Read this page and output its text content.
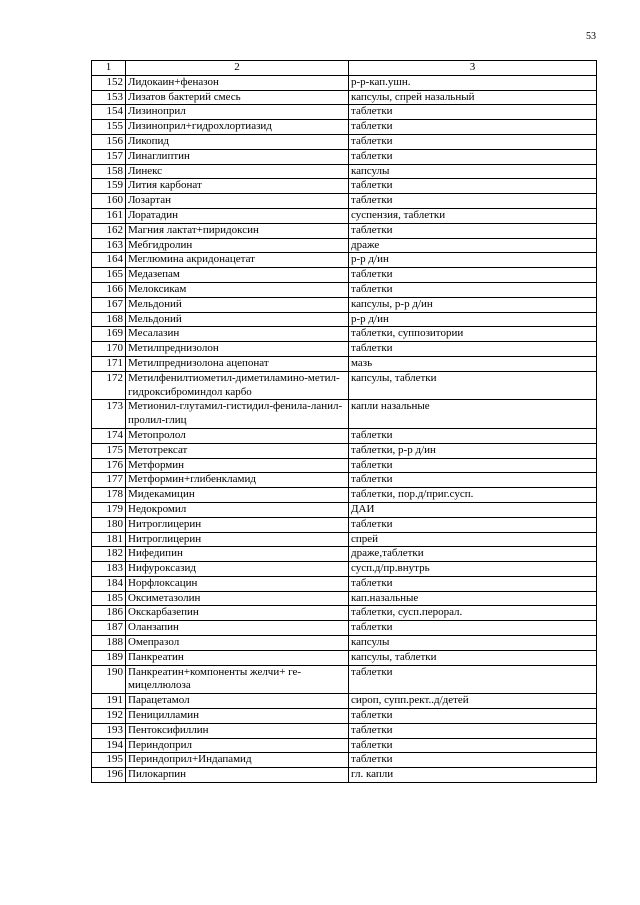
53
1	2	3
152	Лидокаин+феназон	р-р-кап.ушн.
153	Лизатов бактерий смесь	капсулы, спрей назальный
154	Лизиноприл	таблетки
155	Лизиноприл+гидрохлортиазид	таблетки
156	Ликопид	таблетки
157	Линаглиптин	таблетки
158	Линекс	капсулы
159	Лития карбонат	таблетки
160	Лозартан	таблетки
161	Лоратадин	суспензия, таблетки
162	Магния лактат+пиридоксин	таблетки
163	Мебгидролин	драже
164	Меглюмина акридонацетат	р-р д/ин
165	Медазепам	таблетки
166	Мелоксикам	таблетки
167	Мельдоний	капсулы, р-р д/ин
168	Мельдоний	р-р д/ин
169	Месалазин	таблетки, суппозитории
170	Метилпреднизолон	таблетки
171	Метилпреднизолона ацепонат	мазь
172	Метилфенилтиометил-диметиламино-метил-гидроксиброминдол карбо	капсулы, таблетки
173	Метионил-глутамил-гистидил-фенила-ланил-пролил-глиц	капли назальные
174	Метопролол	таблетки
175	Метотрексат	таблетки, р-р д/ин
176	Метформин	таблетки
177	Метформин+глибенкламид	таблетки
178	Мидекамицин	таблетки, пор.д/приг.сусп.
179	Недокромил	ДАИ
180	Нитроглицерин	таблетки
181	Нитроглицерин	спрей
182	Нифедипин	драже,таблетки
183	Нифуроксазид	сусп.д/пр.внутрь
184	Норфлоксацин	таблетки
185	Оксиметазолин	кап.назальные
186	Окскарбазепин	таблетки, сусп.перорал.
187	Оланзапин	таблетки
188	Омепразол	капсулы
189	Панкреатин	капсулы, таблетки
190	Панкреатин+компоненты желчи+ ге-мицеллюлоза	таблетки
191	Парацетамол	сироп, супп.рект..д/детей
192	Пеницилламин	таблетки
193	Пентоксифиллин	таблетки
194	Периндоприл	таблетки
195	Периндоприл+Индапамид	таблетки
196	Пилокарпин	гл. капли
